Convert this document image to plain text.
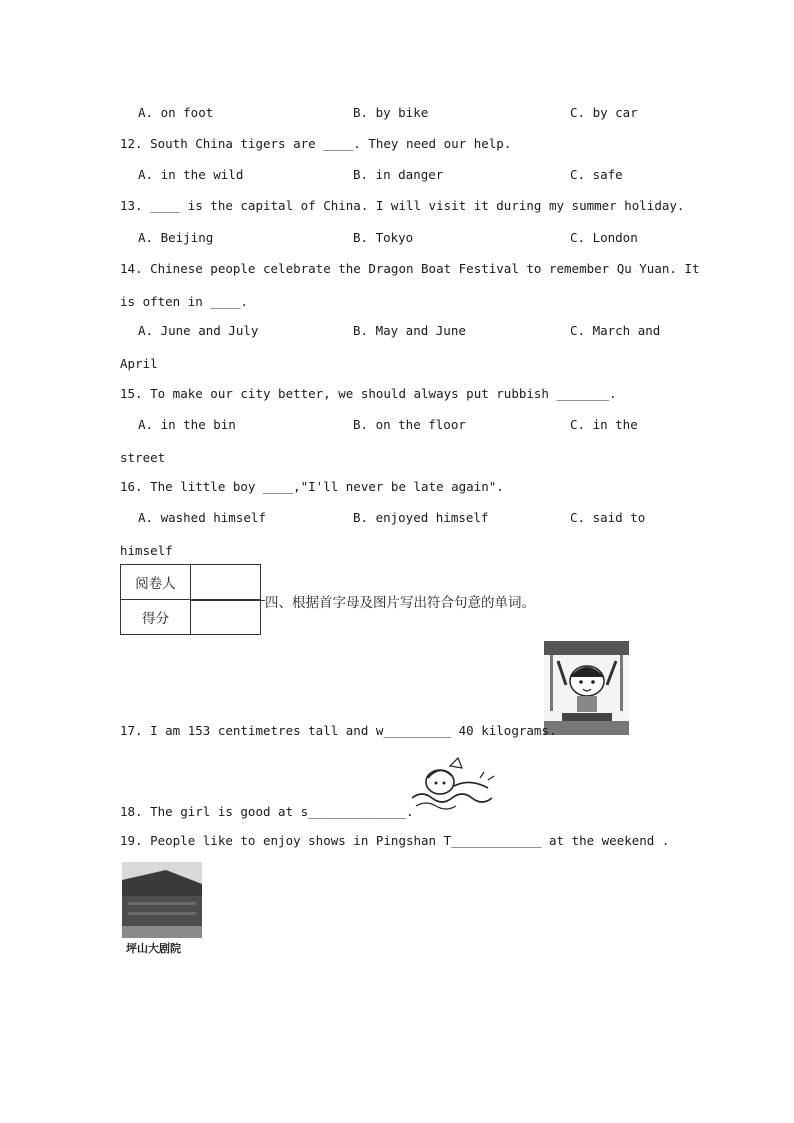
A. on foot	B. by bike	C. by car
12. South China tigers are ____. They need our help.
A. in the wild	B. in danger	C. safe
13. ____ is the capital of China. I will visit it during my summer holiday.
A. Beijing	B. Tokyo	C. London
14. Chinese people celebrate the Dragon Boat Festival to remember Qu Yuan. It
is often in ____.
A. June and July	B. May and June	C. March and
April
15. To make our city better, we should always put rubbish _______.
A. in the bin	B. on the floor	C. in the
street
16. The little boy ____,"I'll never be late again".
A. washed himself	B. enjoyed himself	C. said to
himself
阅卷人	
得分	
四、根据首字母及图片写出符合句意的单词。
17. I am 153 centimetres tall and w_________ 40 kilograms.
18. The girl is good at s_____________.
19. People like to enjoy shows in Pingshan T____________ at the weekend .
坪山大剧院
